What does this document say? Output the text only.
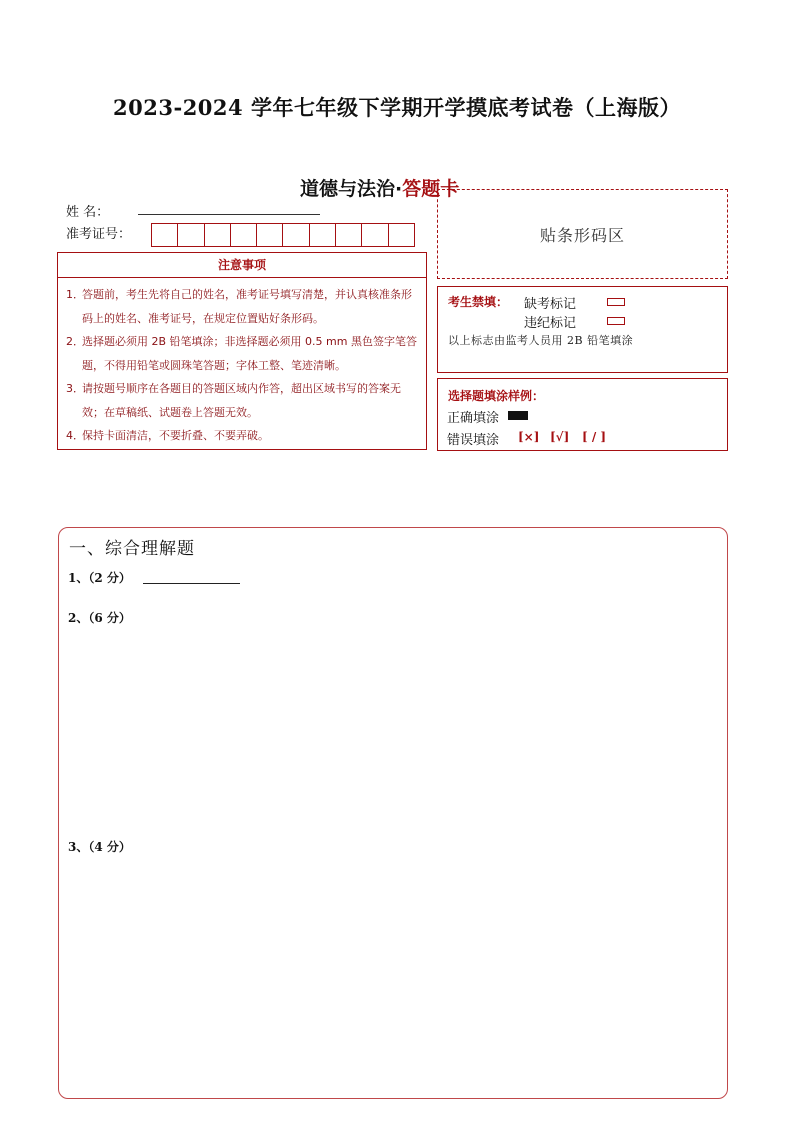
2023-2024 学年七年级下学期开学摸底考试卷（上海版）
道德与法治·答题卡
姓 名：
准考证号：	贴条形码区
注意事项
1．
答题前，考生先将自己的姓名，准考证号填写清楚，并认真核准条形码上的姓名、准考证号，在规定位置贴好条形码。
2．
选择题必须用 2B 铅笔填涂；非选择题必须用 0.5 mm 黑色签字笔答题，不得用铅笔或圆珠笔答题；字体工整、笔迹清晰。
3．
请按题号顺序在各题目的答题区域内作答，超出区域书写的答案无效；在草稿纸、试题卷上答题无效。
4．
保持卡面清洁，不要折叠、不要弄破。
考生禁填： 缺考标记
违纪标记
以上标志由监考人员用 2B 铅笔填涂
选择题填涂样例：
正确填涂
错误填涂 [×] [√] [ / ]
一、综合理解题
1、（2 分）
2、（6 分）
3、（4 分）
